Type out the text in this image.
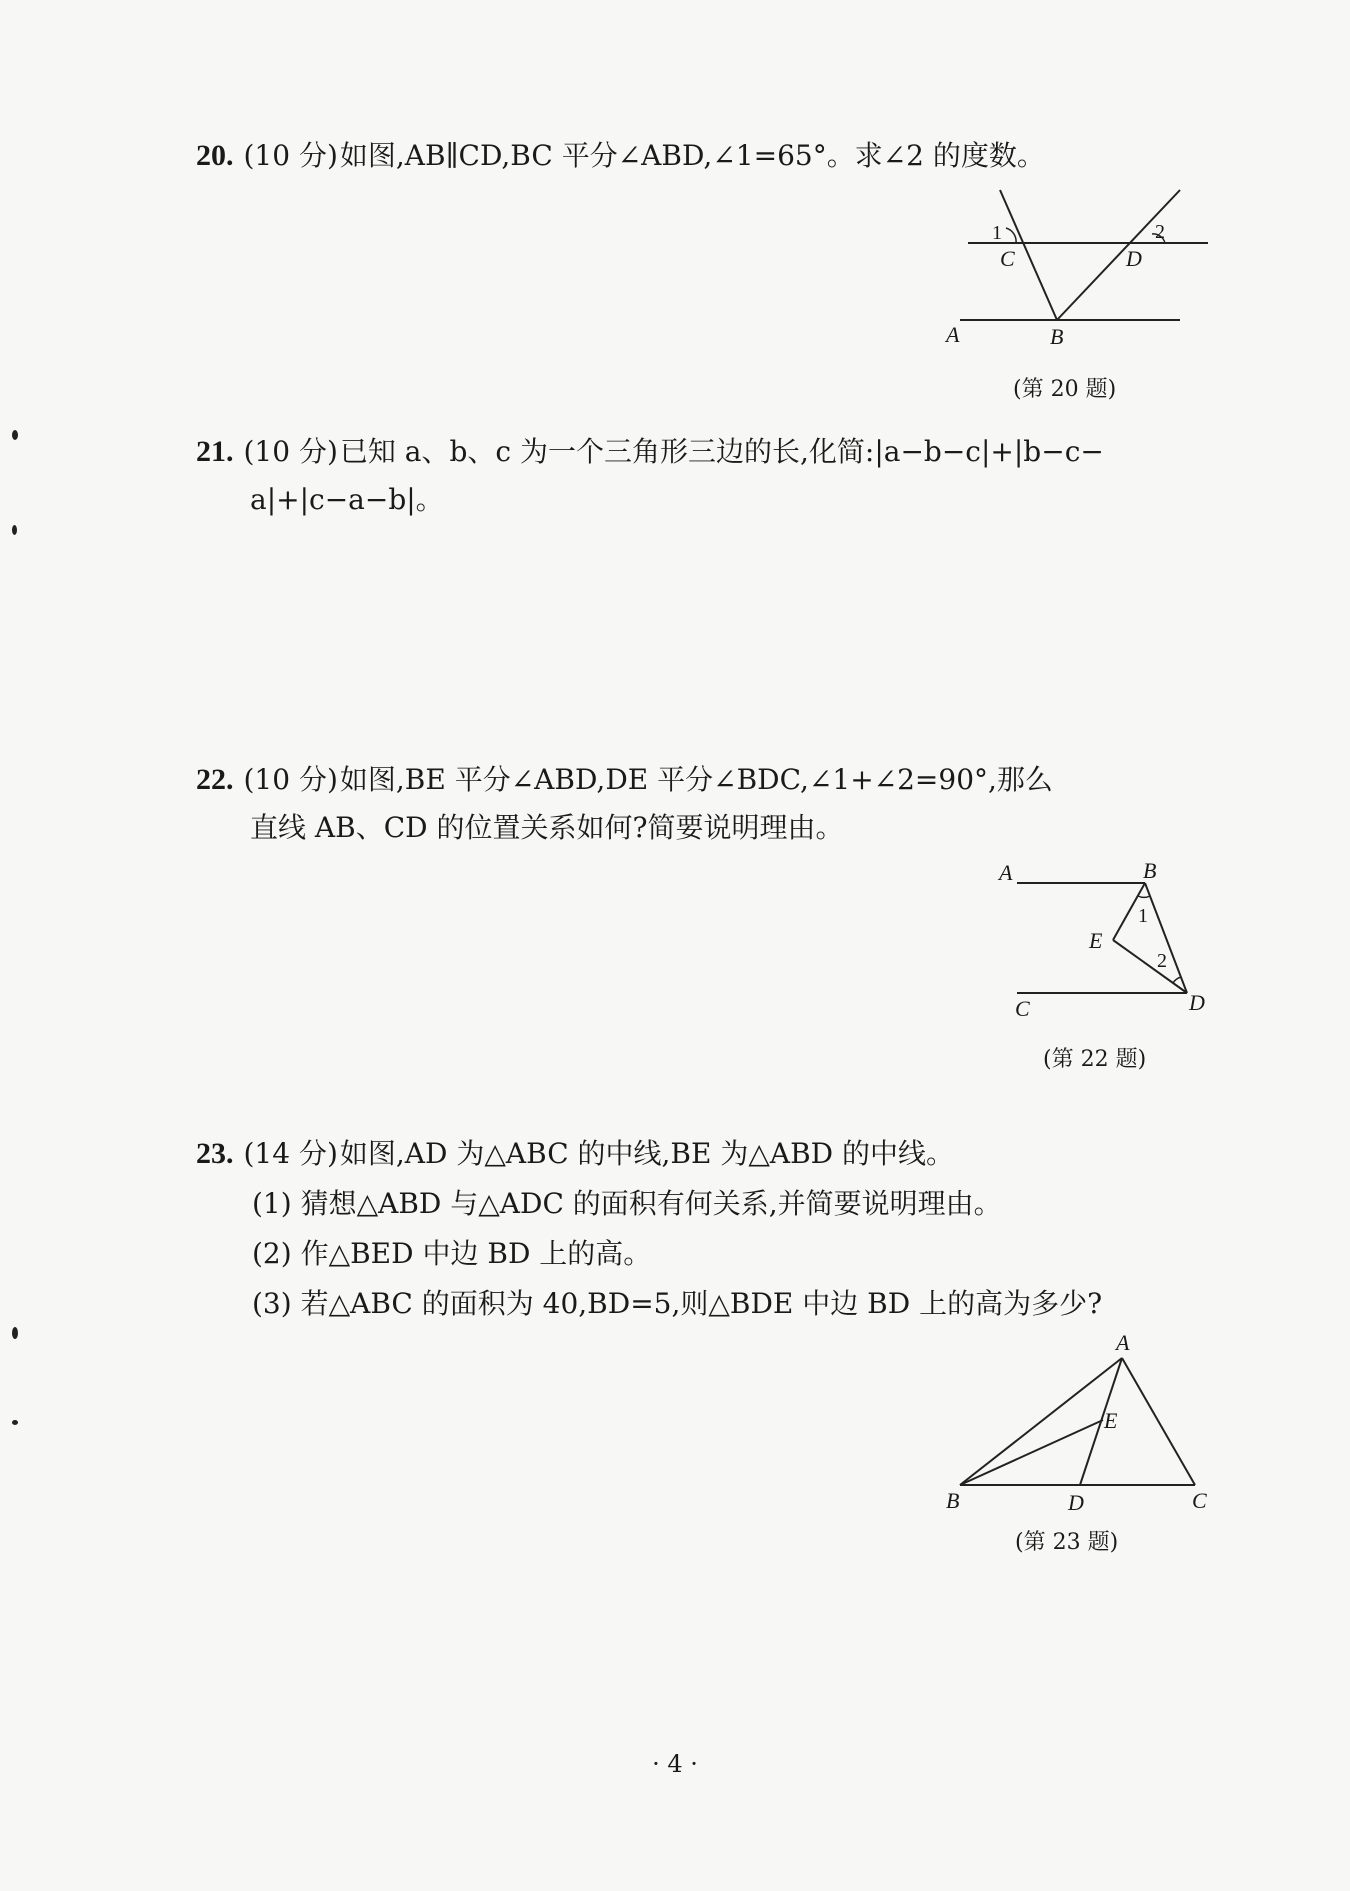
20. (10 分)如图,AB∥CD,BC 平分∠ABD,∠1=65°。求∠2 的度数。
1	2
C	D
A	B
(第 20 题)
21. (10 分)已知 a、b、c 为一个三角形三边的长,化简:|a−b−c|+|b−c−
a|+|c−a−b|。
22. (10 分)如图,BE 平分∠ABD,DE 平分∠BDC,∠1+∠2=90°,那么
直线 AB、CD 的位置关系如何?简要说明理由。
A	B
1
E
2
C	D
(第 22 题)
23. (14 分)如图,AD 为△ABC 的中线,BE 为△ABD 的中线。
(1) 猜想△ABD 与△ADC 的面积有何关系,并简要说明理由。
(2) 作△BED 中边 BD 上的高。
(3) 若△ABC 的面积为 40,BD=5,则△BDE 中边 BD 上的高为多少?
A
E
B	D	C
(第 23 题)
· 4 ·
